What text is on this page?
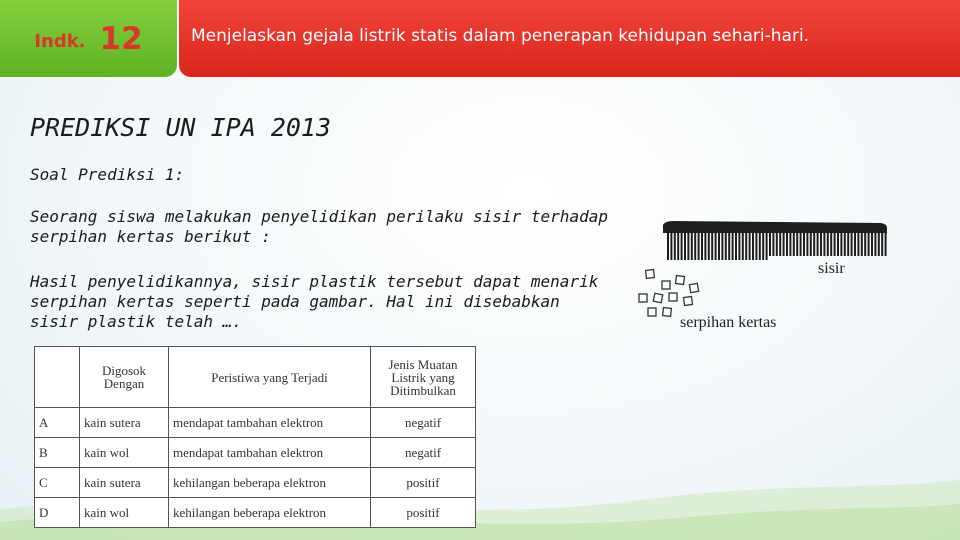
Indk. 12	Menjelaskan gejala listrik statis dalam penerapan kehidupan sehari-hari.
PREDIKSI UN IPA 2013
Soal Prediksi 1:
Seorang siswa melakukan penyelidikan perilaku sisir terhadap serpihan kertas berikut :
Hasil penyelidikannya, sisir plastik tersebut dapat menarik serpihan kertas seperti pada gambar. Hal ini disebabkan sisir plastik telah ….
	Digosok Dengan	Peristiwa yang Terjadi	Jenis Muatan Listrik yang Ditimbulkan
A	kain sutera	mendapat tambahan elektron	negatif
B	kain wol	mendapat tambahan elektron	negatif
C	kain sutera	kehilangan beberapa elektron	positif
D	kain wol	kehilangan beberapa elektron	positif
sisir
serpihan kertas
